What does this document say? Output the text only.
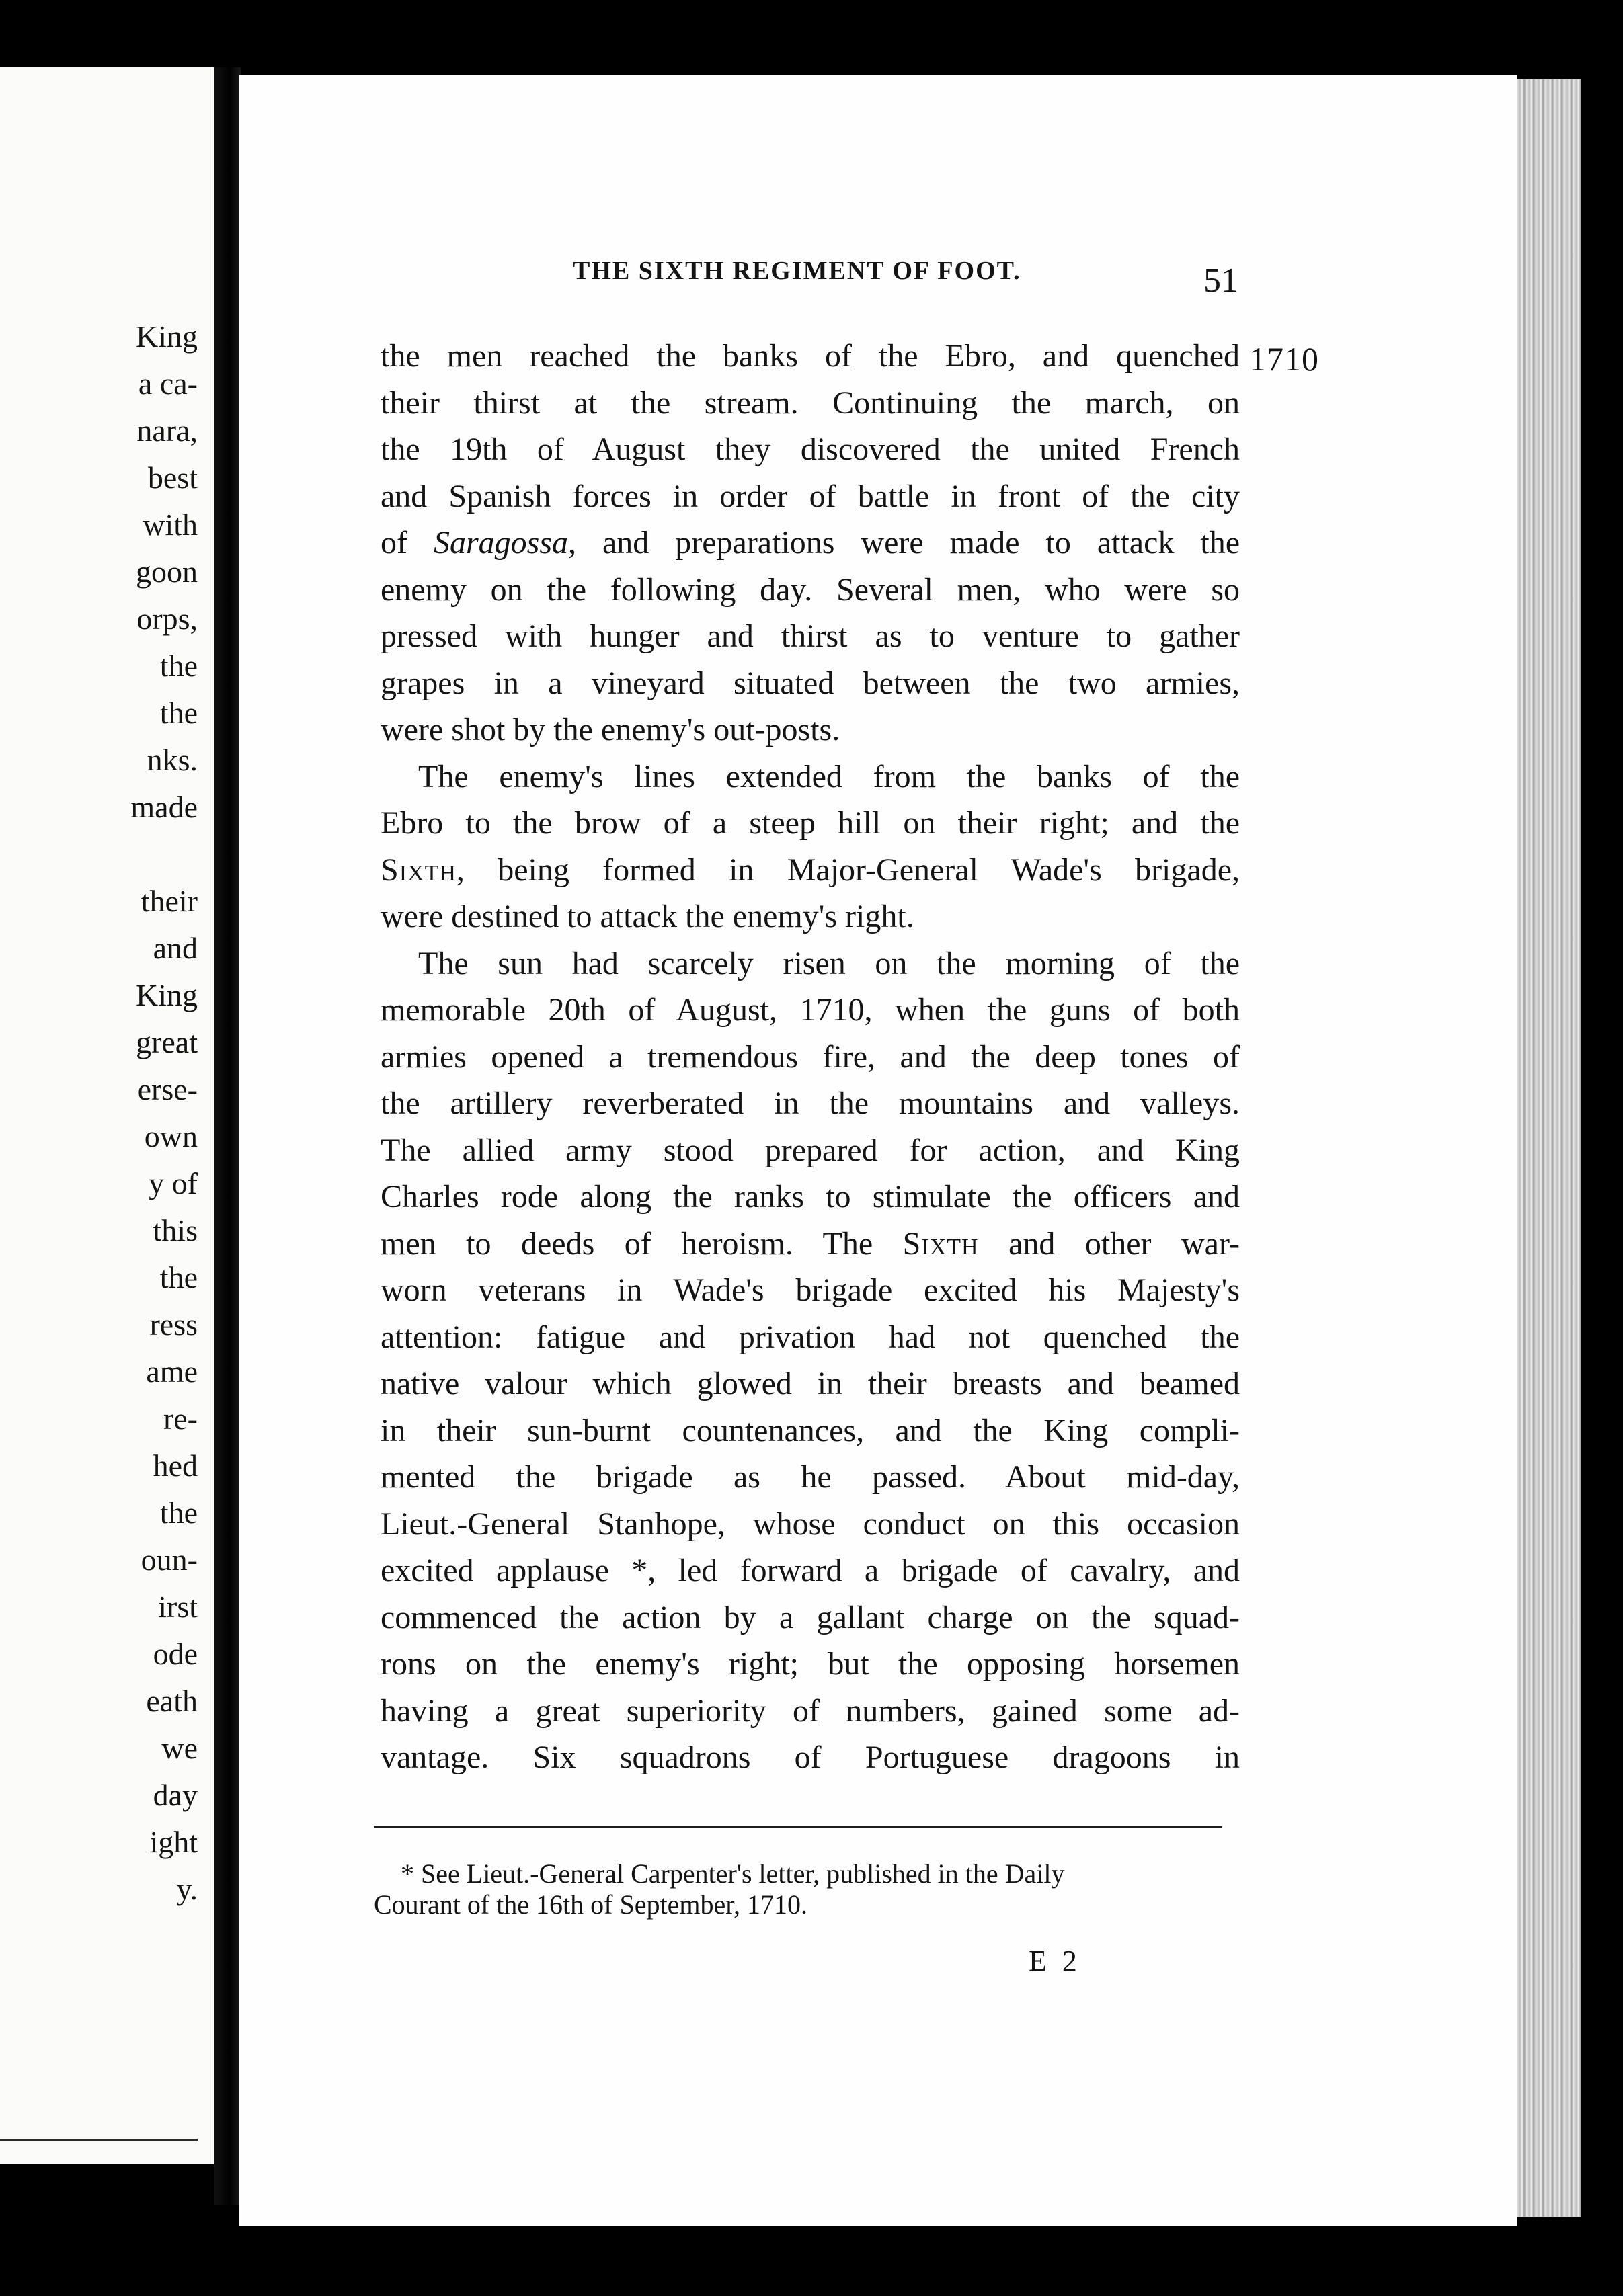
King
a ca-
nara,
best
with
goon
orps,
the
the
nks.
made
their
and
King
great
erse-
own
y of
this
the
ress
ame
re-
hed
the
oun-
irst
ode
eath
we
day
ight
y.
THE SIXTH REGIMENT OF FOOT.	51
1710

the men reached the banks of the Ebro, and quenched
their thirst at the stream. Continuing the march, on
the 19th of August they discovered the united French
and Spanish forces in order of battle in front of the city
of Saragossa, and preparations were made to attack the
enemy on the following day. Several men, who were so
pressed with hunger and thirst as to venture to gather
grapes in a vineyard situated between the two armies,
were shot by the enemy's out-posts.

The enemy's lines extended from the banks of the
Ebro to the brow of a steep hill on their right; and the
Sixth, being formed in Major-General Wade's brigade,
were destined to attack the enemy's right.

The sun had scarcely risen on the morning of the
memorable 20th of August, 1710, when the guns of both
armies opened a tremendous fire, and the deep tones of
the artillery reverberated in the mountains and valleys.
The allied army stood prepared for action, and King
Charles rode along the ranks to stimulate the officers and
men to deeds of heroism. The Sixth and other war-
worn veterans in Wade's brigade excited his Majesty's
attention: fatigue and privation had not quenched the
native valour which glowed in their breasts and beamed
in their sun-burnt countenances, and the King compli-
mented the brigade as he passed. About mid-day,
Lieut.-General Stanhope, whose conduct on this occasion
excited applause *, led forward a brigade of cavalry, and
commenced the action by a gallant charge on the squad-
rons on the enemy's right; but the opposing horsemen
having a great superiority of numbers, gained some ad-
vantage. Six squadrons of Portuguese dragoons in

* See Lieut.-General Carpenter's letter, published in the Daily
Courant of the 16th of September, 1710.
E 2
